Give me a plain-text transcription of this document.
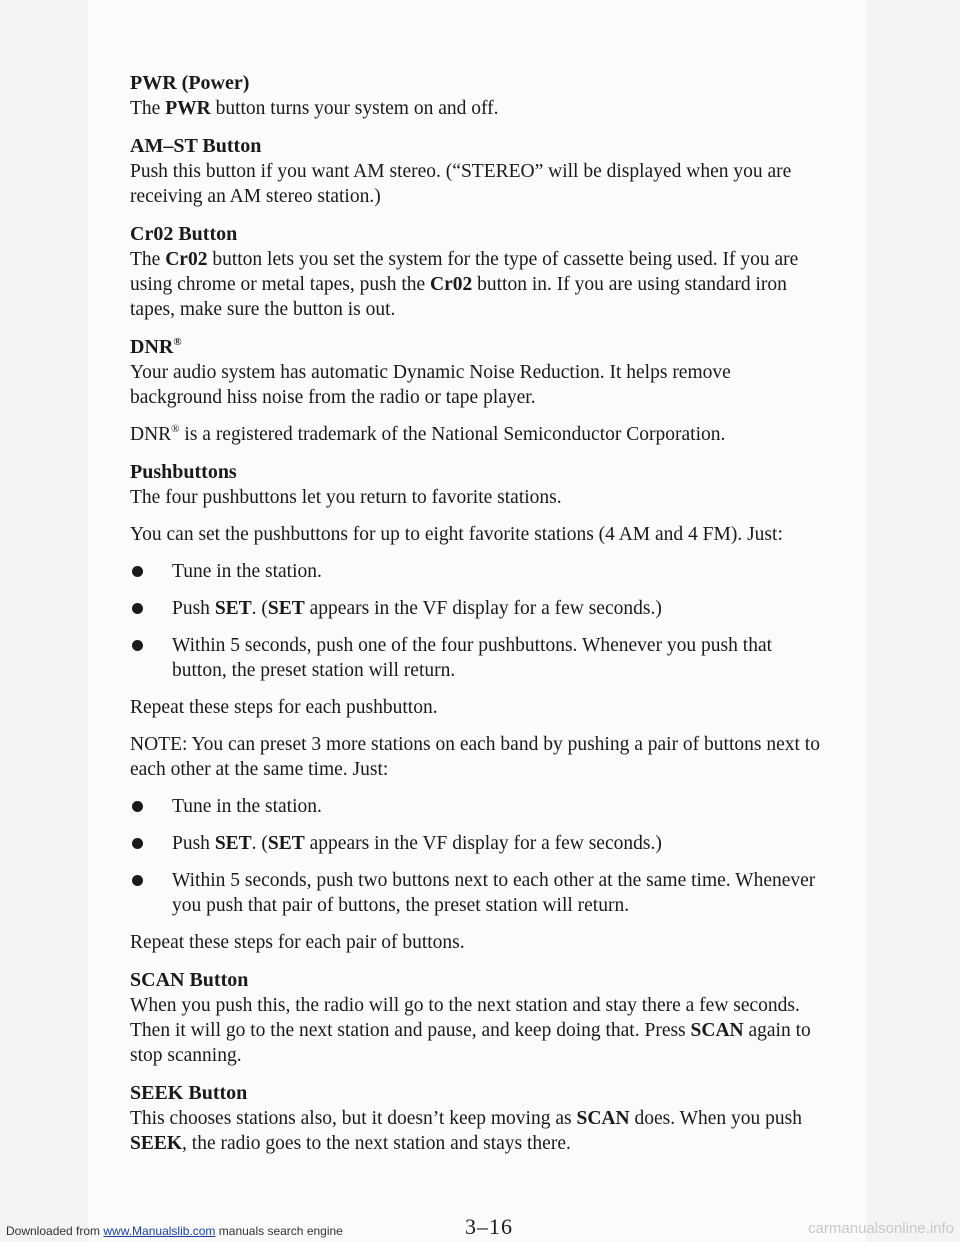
PWR (Power)

The PWR button turns your system on and off.

AM–ST Button

Push this button if you want AM stereo. (“STEREO” will be displayed when you are receiving an AM stereo station.)

Cr02 Button

The Cr02 button lets you set the system for the type of cassette being used. If you are using chrome or metal tapes, push the Cr02 button in. If you are using standard iron tapes, make sure the button is out.

DNR®

Your audio system has automatic Dynamic Noise Reduction. It helps remove background hiss noise from the radio or tape player.

DNR® is a registered trademark of the National Semiconductor Corporation.

Pushbuttons

The four pushbuttons let you return to favorite stations.

You can set the pushbuttons for up to eight favorite stations (4 AM and 4 FM). Just:

Tune in the station.
Push SET. (SET appears in the VF display for a few seconds.)
Within 5 seconds, push one of the four pushbuttons. Whenever you push that button, the preset station will return.

Repeat these steps for each pushbutton.

NOTE: You can preset 3 more stations on each band by pushing a pair of buttons next to each other at the same time. Just:

Tune in the station.
Push SET. (SET appears in the VF display for a few seconds.)
Within 5 seconds, push two buttons next to each other at the same time. Whenever you push that pair of buttons, the preset station will return.

Repeat these steps for each pair of buttons.

SCAN Button

When you push this, the radio will go to the next station and stay there a few seconds. Then it will go to the next station and pause, and keep doing that. Press SCAN again to stop scanning.

SEEK Button

This chooses stations also, but it doesn’t keep moving as SCAN does. When you push SEEK, the radio goes to the next station and stays there.

Downloaded from www.Manualslib.com manuals search engine	3–16	carmanualsonline.info
